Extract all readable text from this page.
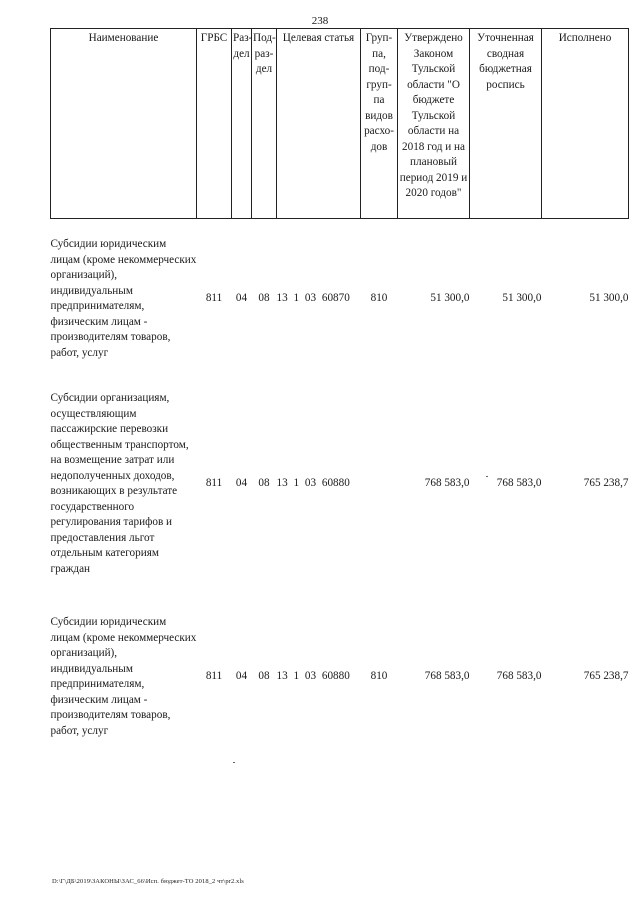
238
Наименование	ГРБС	Раз-дел	Под-раз-дел	Целевая статья	Груп-па, под-груп-па видов расхо-дов	Утверждено Законом Тульской области "О бюджете Тульской области на 2018 год и на плановый период 2019 и 2020 годов"	Уточненная сводная бюджетная роспись	Исполнено
Субсидии юридическим лицам (кроме некоммерческих организаций), индивидуальным предпринимателям, физическим лицам - производителям товаров, работ, услуг	811	04	08	13 1 03 60870	810	51 300,0	51 300,0	51 300,0
Субсидии организациям, осуществляющим пассажирские перевозки общественным транспортом, на возмещение затрат или недополученных доходов, возникающих в результате государственного регулирования тарифов и предоставления льгот отдельным категориям граждан	811	04	08	13 1 03 60880		768 583,0	768 583,0	765 238,7
Субсидии юридическим лицам (кроме некоммерческих организаций), индивидуальным предпринимателям, физическим лицам - производителям товаров, работ, услуг	811	04	08	13 1 03 60880	810	768 583,0	768 583,0	765 238,7
D:\Г\ДБ\2019\ЗАКОНЫ\ЗАС_66\Исп. бюджет-ТО 2018_2 чт\pr2.xls
